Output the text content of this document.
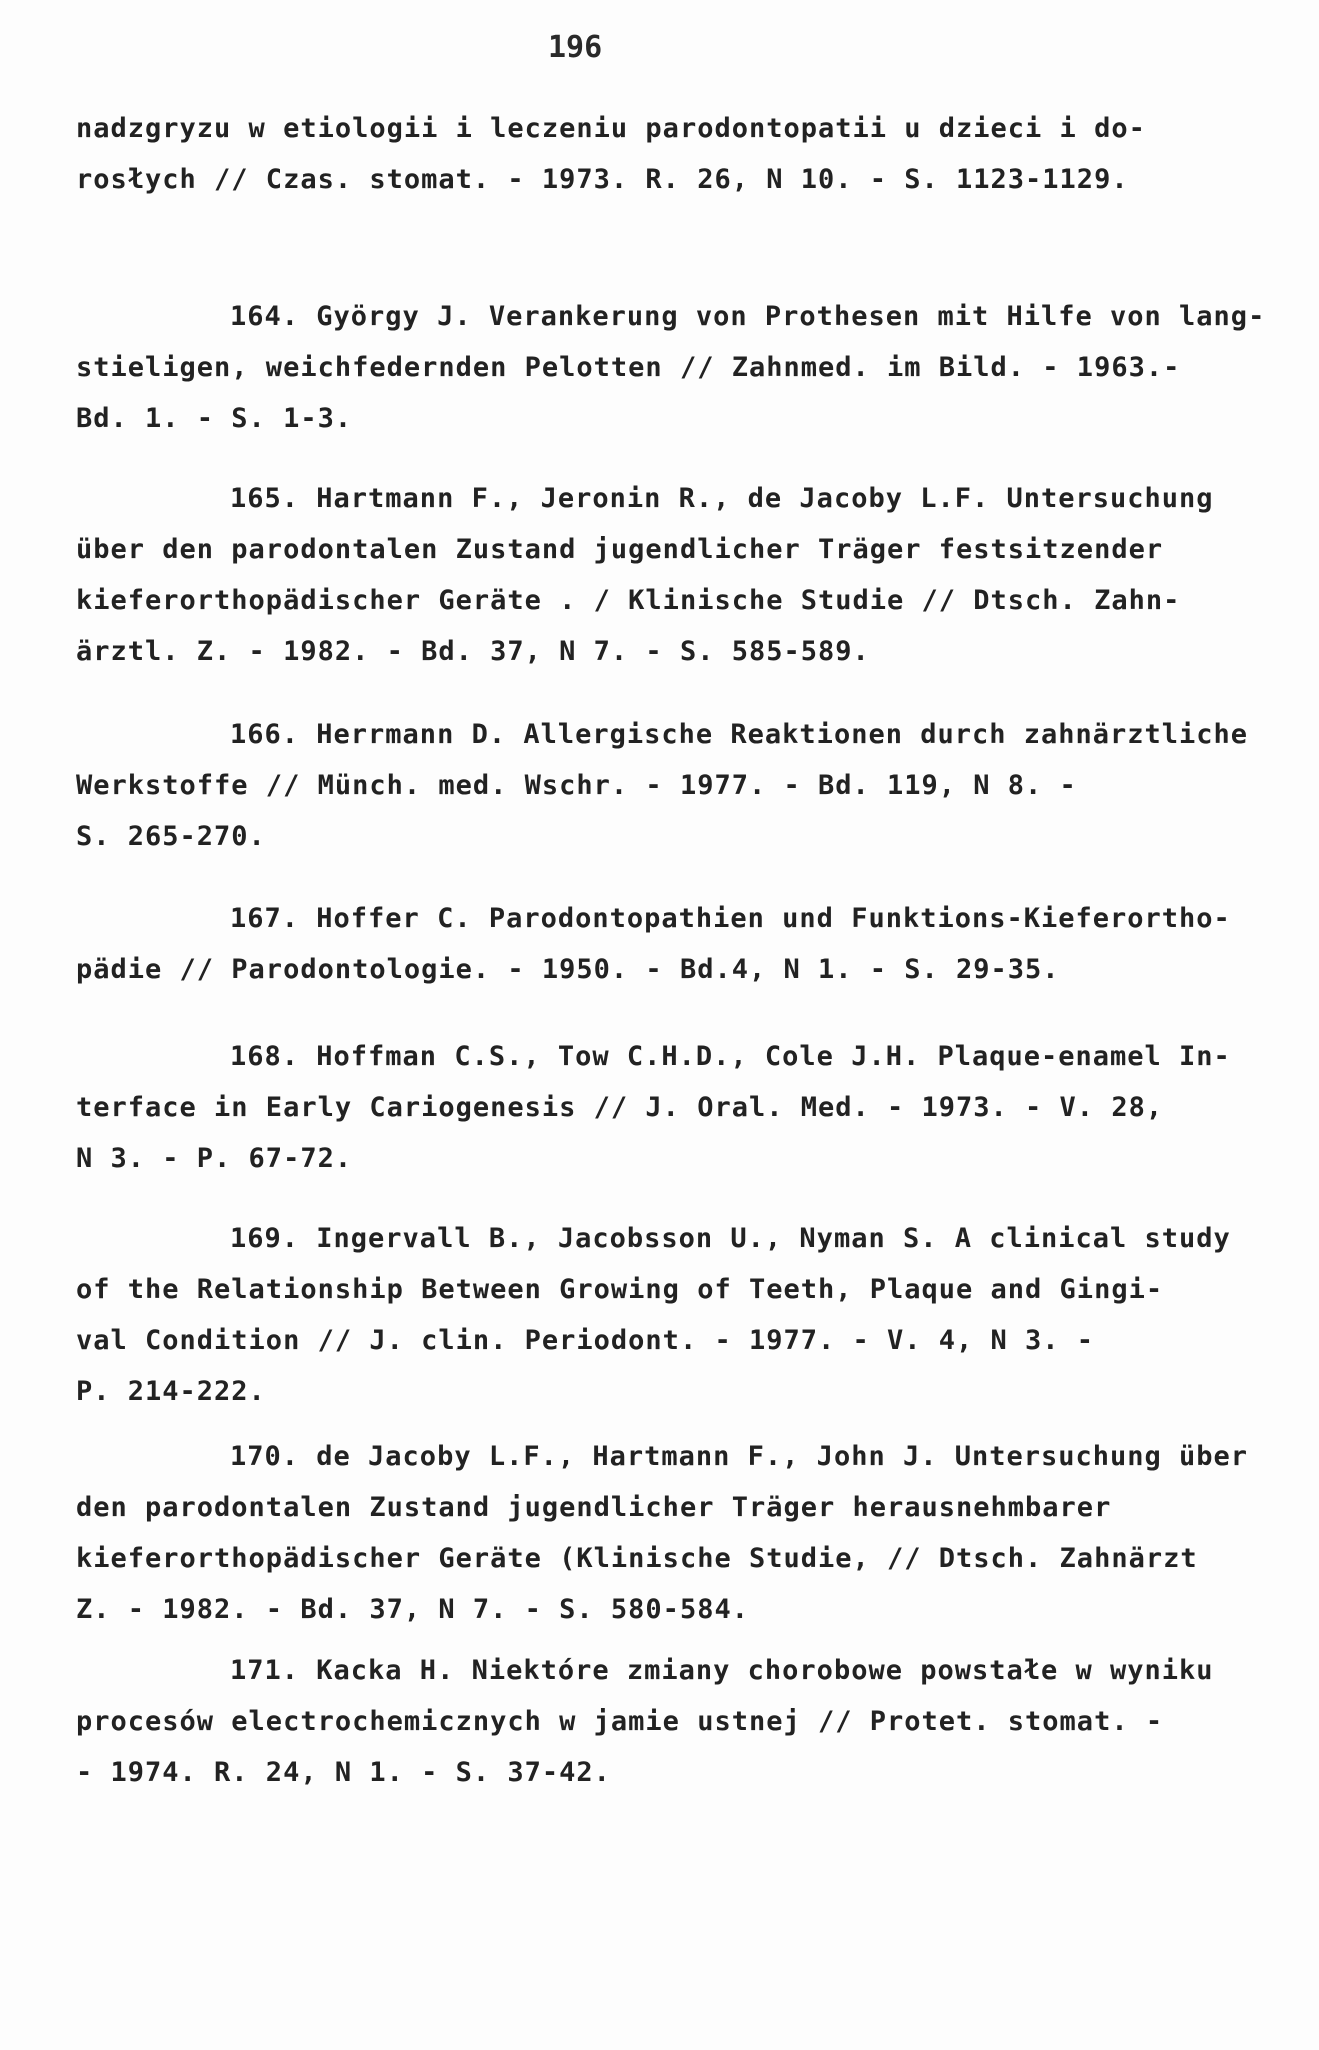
196
nadzgryzu w etiologii i leczeniu parodontopatii u dzieci i do-
rosłych // Czas. stomat. - 1973. R. 26, N 10. - S. 1123-1129.
164. György J. Verankerung von Prothesen mit Hilfe von lang-
stieligen, weichfedernden Pelotten // Zahnmed. im Bild. - 1963.-
Bd. 1. - S. 1-3.
165. Hartmann F., Jeronin R., de Jacoby L.F. Untersuchung
über den parodontalen Zustand jugendlicher Träger festsitzender
kieferorthopädischer Geräte . / Klinische Studie // Dtsch. Zahn-
ärztl. Z. - 1982. - Bd. 37, N 7. - S. 585-589.
166. Herrmann D. Allergische Reaktionen durch zahnärztliche
Werkstoffe // Münch. med. Wschr. - 1977. - Bd. 119, N 8. -
S. 265-270.
167. Hoffer C. Parodontopathien und Funktions-Kieferortho-
pädie // Parodontologie. - 1950. - Bd.4, N 1. - S. 29-35.
168. Hoffman C.S., Tow C.H.D., Cole J.H. Plaque-enamel In-
terface in Early Cariogenesis // J. Oral. Med. - 1973. - V. 28,
N 3. - P. 67-72.
169. Ingervall B., Jacobsson U., Nyman S. A clinical study
of the Relationship Between Growing of Teeth, Plaque and Gingi-
val Condition // J. clin. Periodont. - 1977. - V. 4, N 3. -
P. 214-222.
170. de Jacoby L.F., Hartmann F., John J. Untersuchung über
den parodontalen Zustand jugendlicher Träger herausnehmbarer
kieferorthopädischer Geräte (Klinische Studie, // Dtsch. Zahnärzt
Z. - 1982. - Bd. 37, N 7. - S. 580-584.
171. Kacka H. Niektóre zmiany chorobowe powstałe w wyniku
procesów electrochemicznych w jamie ustnej // Protet. stomat. -
- 1974. R. 24, N 1. - S. 37-42.
